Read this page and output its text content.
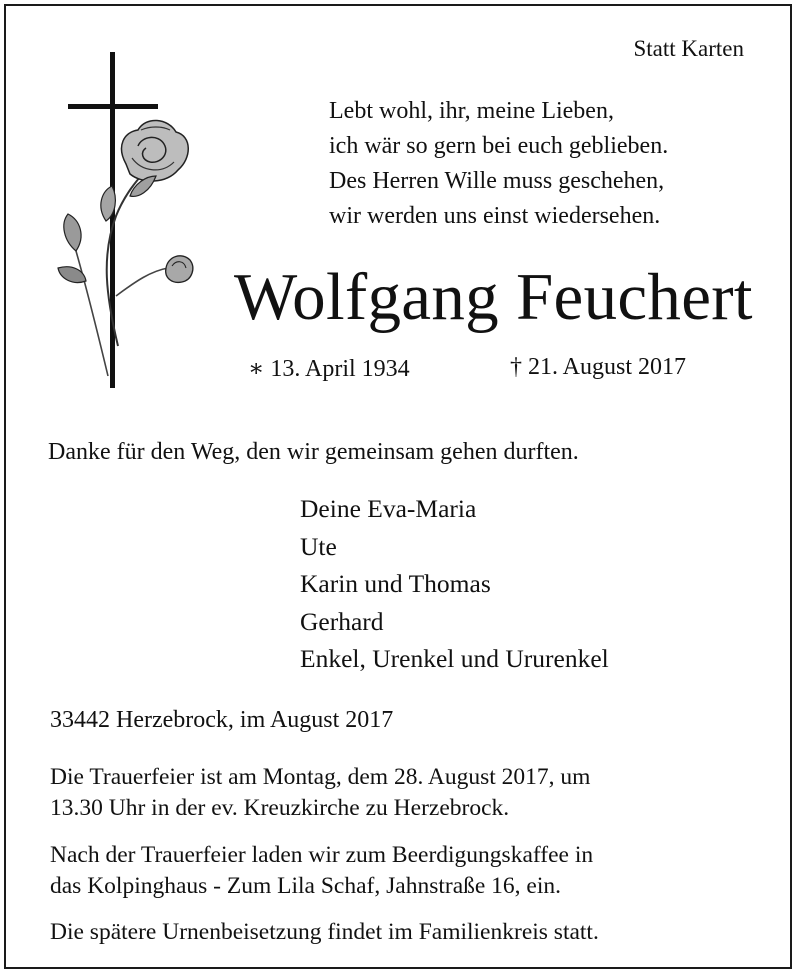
Statt Karten
Lebt wohl, ihr, meine Lieben,
ich wär so gern bei euch geblieben.
Des Herren Wille muss geschehen,
wir werden uns einst wiedersehen.
Wolfgang Feuchert
∗ 13. April 1934	† 21. August 2017
Danke für den Weg, den wir gemeinsam gehen durften.
Deine Eva-Maria
Ute
Karin und Thomas
Gerhard
Enkel, Urenkel und Ururenkel
33442 Herzebrock, im August 2017
Die Trauerfeier ist am Montag, dem 28. August 2017, um
13.30 Uhr in der ev. Kreuzkirche zu Herzebrock.
Nach der Trauerfeier laden wir zum Beerdigungskaffee in
das Kolpinghaus - Zum Lila Schaf, Jahnstraße 16, ein.
Die spätere Urnenbeisetzung findet im Familienkreis statt.
